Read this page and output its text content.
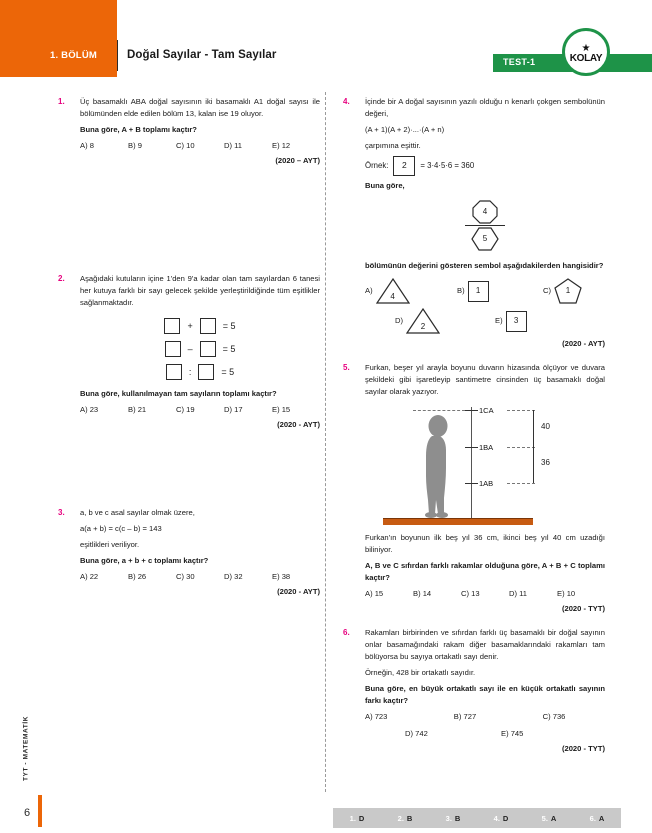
1. BÖLÜM	Doğal Sayılar - Tam Sayılar
TEST-1
★
KOLAY
TYT - MATEMATİK
6
1.	Üç basamaklı ABA doğal sayısının iki basamaklı A1 doğal sayısı ile bölümünden elde edilen bölüm 13, kalan ise 19 oluyor.

Buna göre, A + B toplamı kaçtır?

A) 8	B) 9	C) 10	D) 11	E) 12
(2020 – AYT)
2.	Aşağıdaki kutuların içine 1'den 9'a kadar olan tam sayılardan 6 tanesi her kutuya farklı bir sayı gelecek şekilde yerleştirildiğinde tüm eşitlikler sağlanmaktadır.

+	= 5
–	= 5
:	= 5

Buna göre, kullanılmayan tam sayıların toplamı kaçtır?

A) 23	B) 21	C) 19	D) 17	E) 15
(2020 - AYT)
3.	a, b ve c asal sayılar olmak üzere,

a(a + b) = c(c – b) = 143

eşitlikleri veriliyor.

Buna göre, a + b + c toplamı kaçtır?

A) 22	B) 26	C) 30	D) 32	E) 38
(2020 - AYT)
4.	İçinde bir A doğal sayısının yazılı olduğu n kenarlı çokgen sembolünün değeri,

(A + 1)(A + 2)·...·(A + n)

çarpımına eşittir.

Örnek:	2	= 3·4·5·6 = 360

Buna göre,

4
5

bölümünün değerini gösteren sembol aşağıdakilerden hangisidir?

A)
4
B)	1	C)	1
D)
2
E)	3
(2020 - AYT)
5.	Furkan, beşer yıl arayla boyunu duvarın hizasında ölçüyor ve duvara şekildeki gibi işaretleyip santimetre cinsinden üç basamaklı doğal sayılar olarak yazıyor.

1CA
1BA
1AB
40
36

Furkan'ın boyunun ilk beş yıl 36 cm, ikinci beş yıl 40 cm uzadığı biliniyor.

A, B ve C sıfırdan farklı rakamlar olduğuna göre, A + B + C toplamı kaçtır?

A) 15	B) 14	C) 13	D) 11	E) 10
(2020 - TYT)
6.	Rakamları birbirinden ve sıfırdan farklı üç basamaklı bir doğal sayının onlar basamağındaki rakam diğer basamaklarındaki rakamları tam bölüyorsa bu sayıya ortakatlı sayı denir.

Örneğin, 428 bir ortakatlı sayıdır.

Buna göre, en büyük ortakatlı sayı ile en küçük ortakatlı sayının farkı kaçtır?

A) 723	B) 727	C) 736
D) 742	E) 745
(2020 - TYT)
1. D	2. B	3. B	4. D	5. A	6. A
